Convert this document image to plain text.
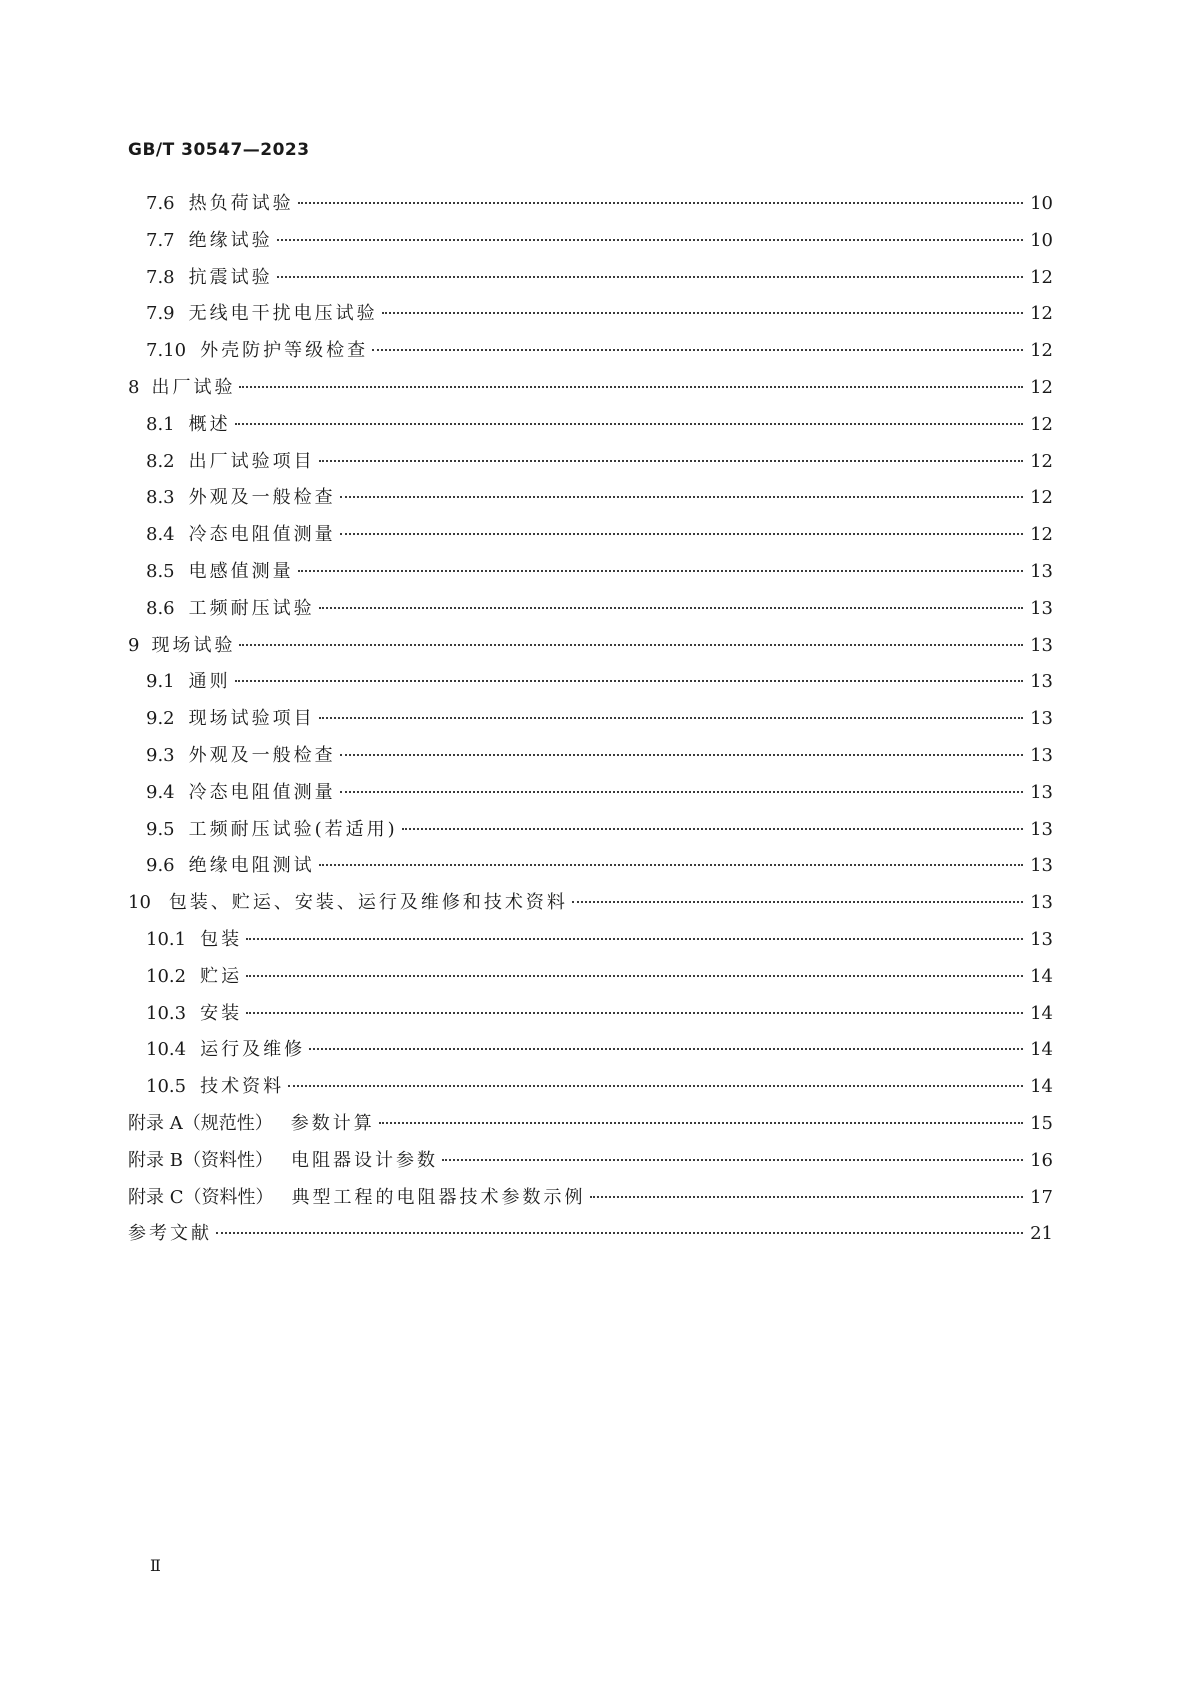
GB/T 30547—2023
7.6 热负荷试验	10
7.7 绝缘试验	10
7.8 抗震试验	12
7.9 无线电干扰电压试验	12
7.10 外壳防护等级检查	12
8 出厂试验	12
8.1 概述	12
8.2 出厂试验项目	12
8.3 外观及一般检查	12
8.4 冷态电阻值测量	12
8.5 电感值测量	13
8.6 工频耐压试验	13
9 现场试验	13
9.1 通则	13
9.2 现场试验项目	13
9.3 外观及一般检查	13
9.4 冷态电阻值测量	13
9.5 工频耐压试验(若适用)	13
9.6 绝缘电阻测试	13
10	包装、贮运、安装、运行及维修和技术资料	13
10.1 包装	13
10.2 贮运	14
10.3 安装	14
10.4 运行及维修	14
10.5 技术资料	14
附录 A（规范性）	参数计算	15
附录 B（资料性）	电阻器设计参数	16
附录 C（资料性）	典型工程的电阻器技术参数示例	17
参考文献	21
Ⅱ
